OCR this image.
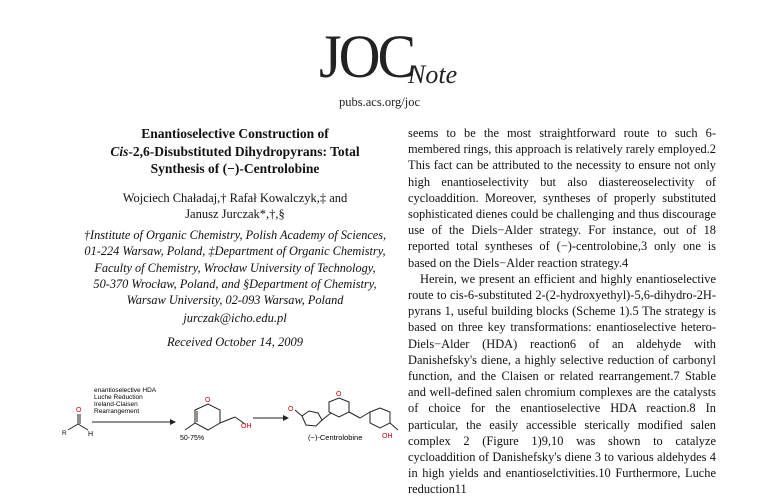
JOC
Note
pubs.acs.org/joc
Enantioselective Construction of
Cis-2,6-Disubstituted Dihydropyrans: Total
Synthesis of (−)-Centrolobine
Wojciech Chaładaj,† Rafał Kowalczyk,‡ and
Janusz Jurczak*,†,§
†Institute of Organic Chemistry, Polish Academy of Sciences,
01-224 Warsaw, Poland, ‡Department of Organic Chemistry,
Faculty of Chemistry, Wrocław University of Technology,
50-370 Wrocław, Poland, and §Department of Chemistry,
Warsaw University, 02-093 Warsaw, Poland
jurczak@icho.edu.pl
Received October 14, 2009

seems to be the most straightforward route to such 6-membered rings, this approach is relatively rarely employed.2 This fact can be attributed to the necessity to ensure not only high enantioselectivity but also diastereoselectivity of cycloaddition. Moreover, syntheses of properly substituted sophisticated dienes could be challenging and thus discourage use of the Diels−Alder strategy. For instance, out of 18 reported total syntheses of (−)-centrolobine,3 only one is based on the Diels−Alder reaction strategy.4

Herein, we present an efficient and highly enantioselective route to cis-6-substituted 2-(2-hydroxyethyl)-5,6-dihydro-2H-pyrans 1, useful building blocks (Scheme 1).5 The strategy is based on three key transformations: enantioselective hetero-Diels−Alder (HDA) reaction6 of an aldehyde with Danishefsky's diene, a highly selective reduction of carbonyl function, and the Claisen or related rearrangement.7 Stable and well-defined salen chromium complexes are the catalysts of choice for the enantioselective HDA reaction.8 In particular, the easily accessible sterically modified salen complex 2 (Figure 1)9,10 was shown to catalyze cycloaddition of Danishefsky's diene 3 to various aldehydes 4 in high yields and enantioselctivities.10 Furthermore, Luche reduction11

R
O
H
enantioselective HDA
Luche Reduction
Ireland-Claisen
Rearrangement
O
OH
50-75%
O
O
OH
(−)-Centrolobine
